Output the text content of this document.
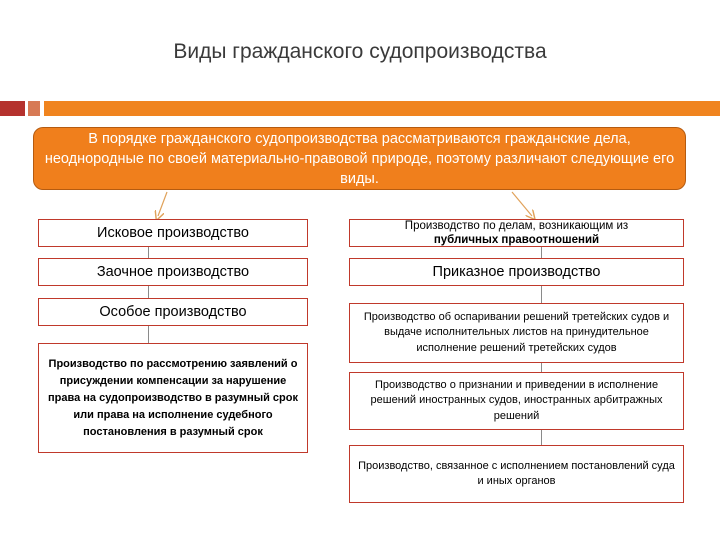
Виды гражданского судопроизводства
В порядке гражданского судопроизводства рассматриваются гражданские дела, неоднородные по своей материально-правовой природе, поэтому различают следующие его виды.
Исковое производство
Заочное производство
Особое производство
Производство по рассмотрению заявлений о присуждении компенсации за нарушение права на судопроизводство в разумный срок или права на исполнение судебного постановления в разумный срок
Производство по делам, возникающим из
публичных правоотношений
Приказное производство
Производство об оспаривании решений третейских судов и выдаче исполнительных листов на принудительное исполнение решений третейских судов
Производство о признании и приведении в исполнение решений иностранных судов, иностранных арбитражных решений
Производство, связанное с исполнением постановлений суда и иных органов
